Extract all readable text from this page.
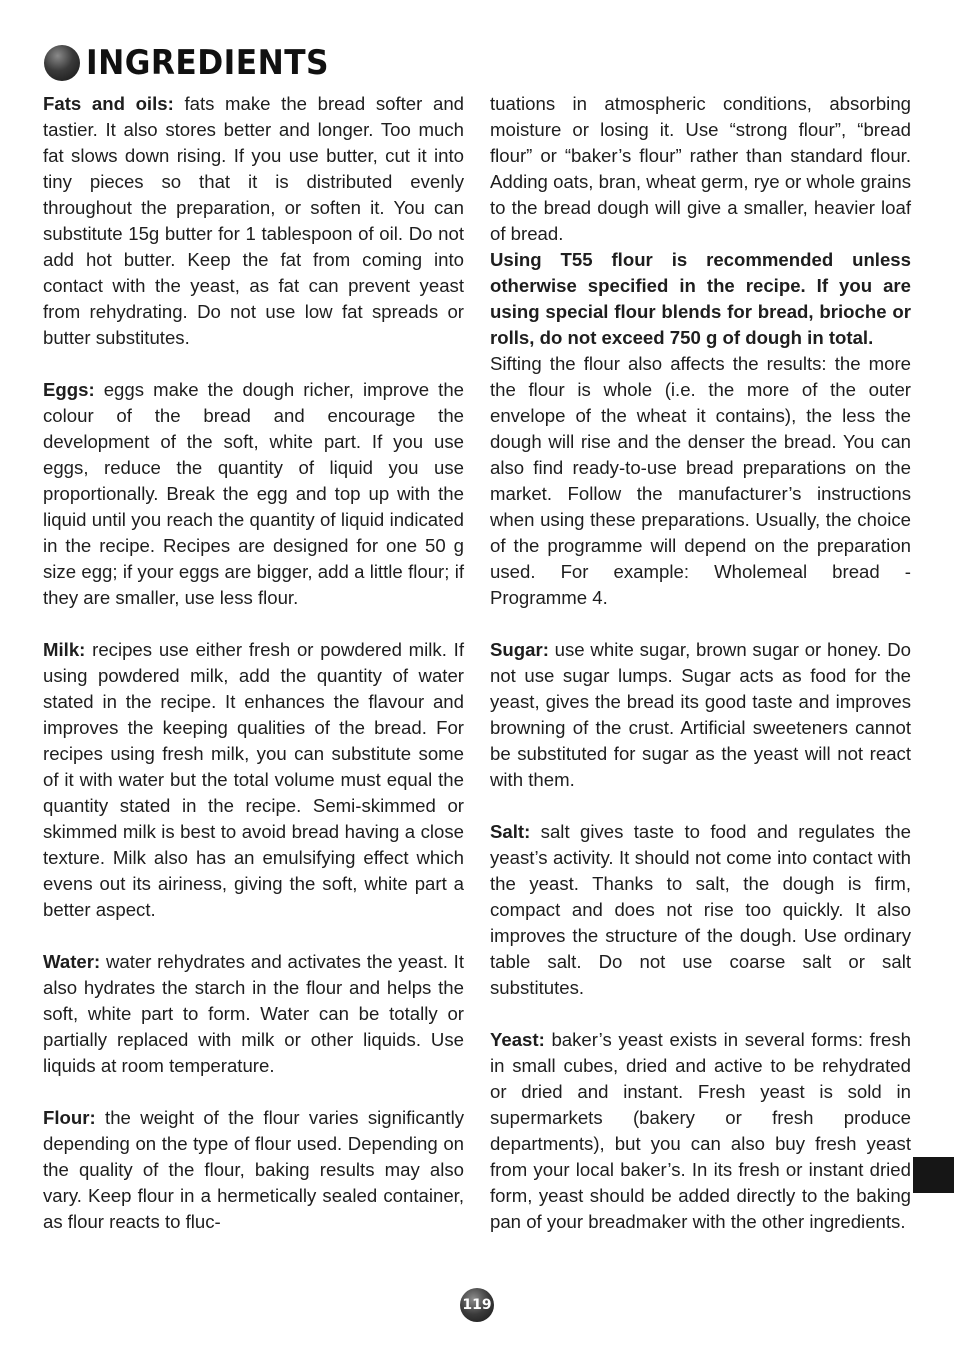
INGREDIENTS

Fats and oils: fats make the bread softer and tastier. It also stores better and longer. Too much fat slows down rising. If you use butter, cut it into tiny pieces so that it is distributed evenly throughout the preparation, or soften it. You can substitute 15g butter for 1 tablespoon of oil. Do not add hot butter. Keep the fat from coming into contact with the yeast, as fat can prevent yeast from rehydrating. Do not use low fat spreads or butter substitutes.

Eggs: eggs make the dough richer, improve the colour of the bread and encourage the development of the soft, white part. If you use eggs, reduce the quantity of liquid you use proportionally. Break the egg and top up with the liquid until you reach the quantity of liquid indicated in the recipe. Recipes are designed for one 50 g size egg; if your eggs are bigger, add a little flour; if they are smaller, use less flour.

Milk: recipes use either fresh or powdered milk. If using powdered milk, add the quantity of water stated in the recipe. It enhances the flavour and improves the keeping qualities of the bread. For recipes using fresh milk, you can substitute some of it with water but the total volume must equal the quantity stated in the recipe. Semi-skimmed or skimmed milk is best to avoid bread having a close texture. Milk also has an emulsifying effect which evens out its airiness, giving the soft, white part a better aspect.

Water: water rehydrates and activates the yeast. It also hydrates the starch in the flour and helps the soft, white part to form. Water can be totally or partially replaced with milk or other liquids. Use liquids at room temperature.

Flour: the weight of the flour varies significantly depending on the type of flour used. Depending on the quality of the flour, baking results may also vary. Keep flour in a hermetically sealed container, as flour reacts to fluc-

tuations in atmospheric conditions, absorbing moisture or losing it. Use “strong flour”, “bread flour” or “baker’s flour” rather than standard flour. Adding oats, bran, wheat germ, rye or whole grains to the bread dough will give a smaller, heavier loaf of bread.

Using T55 flour is recommended unless otherwise specified in the recipe. If you are using special flour blends for bread, brioche or rolls, do not exceed 750 g of dough in total.

Sifting the flour also affects the results: the more the flour is whole (i.e. the more of the outer envelope of the wheat it contains), the less the dough will rise and the denser the bread. You can also find ready-to-use bread preparations on the market. Follow the manufacturer’s instructions when using these preparations. Usually, the choice of the programme will depend on the preparation used. For example: Wholemeal bread - Programme 4.

Sugar: use white sugar, brown sugar or honey. Do not use sugar lumps. Sugar acts as food for the yeast, gives the bread its good taste and improves browning of the crust. Artificial sweeteners cannot be substituted for sugar as the yeast will not react with them.

Salt: salt gives taste to food and regulates the yeast’s activity. It should not come into contact with the yeast. Thanks to salt, the dough is firm, compact and does not rise too quickly. It also improves the structure of the dough. Use ordinary table salt. Do not use coarse salt or salt substitutes.

Yeast: baker’s yeast exists in several forms: fresh in small cubes, dried and active to be rehydrated or dried and instant. Fresh yeast is sold in supermarkets (bakery or fresh produce departments), but you can also buy fresh yeast from your local baker’s. In its fresh or instant dried form, yeast should be added directly to the baking pan of your breadmaker with the other ingredients.

119
